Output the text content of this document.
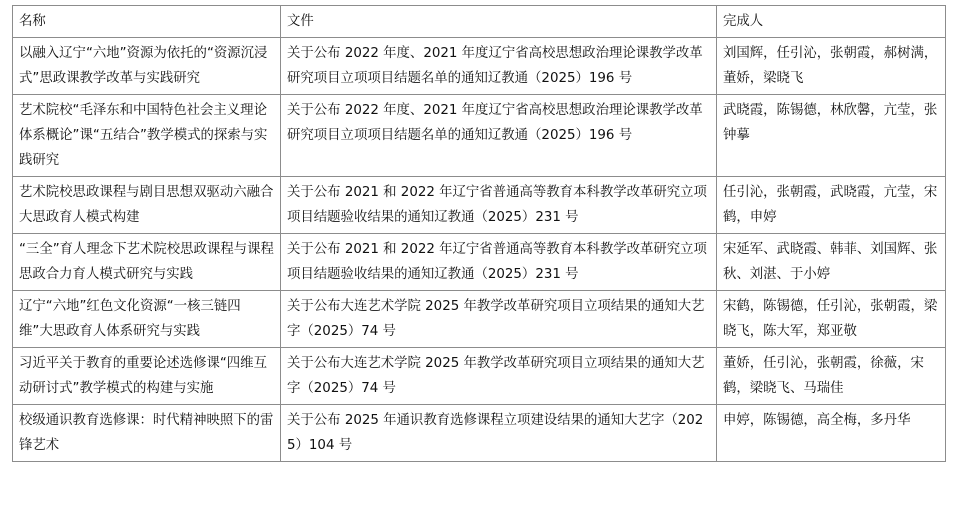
名称	文件	完成人
以融入辽宁“六地”资源为依托的“资源沉浸式”思政课教学改革与实践研究	关于公布 2022 年度、2021 年度辽宁省高校思想政治理论课教学改革研究项目立项项目结题名单的通知辽教通（2025）196 号	刘国辉，任引沁，张朝霞，郝树满，董娇，梁晓飞
艺术院校“毛泽东和中国特色社会主义理论体系概论”课“五结合”教学模式的探索与实践研究	关于公布 2022 年度、2021 年度辽宁省高校思想政治理论课教学改革研究项目立项项目结题名单的通知辽教通（2025）196 号	武晓霞，陈锡德，林欣馨，亢莹，张钟摹
艺术院校思政课程与剧目思想双驱动六融合大思政育人模式构建	关于公布 2021 和 2022 年辽宁省普通高等教育本科教学改革研究立项项目结题验收结果的通知辽教通（2025）231 号	任引沁，张朝霞，武晓霞，亢莹，宋鹤，申婷
“三全”育人理念下艺术院校思政课程与课程思政合力育人模式研究与实践	关于公布 2021 和 2022 年辽宁省普通高等教育本科教学改革研究立项项目结题验收结果的通知辽教通（2025）231 号	宋延军、武晓霞、韩菲、刘国辉、张秋、刘湛、于小婷
辽宁“六地”红色文化资源“一核三链四维”大思政育人体系研究与实践	关于公布大连艺术学院 2025 年教学改革研究项目立项结果的通知大艺字（2025）74 号	宋鹤，陈锡德，任引沁，张朝霞，梁晓飞，陈大军，郑亚敬
习近平关于教育的重要论述选修课“四维互动研讨式”教学模式的构建与实施	关于公布大连艺术学院 2025 年教学改革研究项目立项结果的通知大艺字（2025）74 号	董娇，任引沁，张朝霞，徐薇，宋鹤，梁晓飞、马瑞佳
校级通识教育选修课：时代精神映照下的雷锋艺术	关于公布 2025 年通识教育选修课程立项建设结果的通知大艺字（2025）104 号	申婷，陈锡德，高全梅，多丹华
